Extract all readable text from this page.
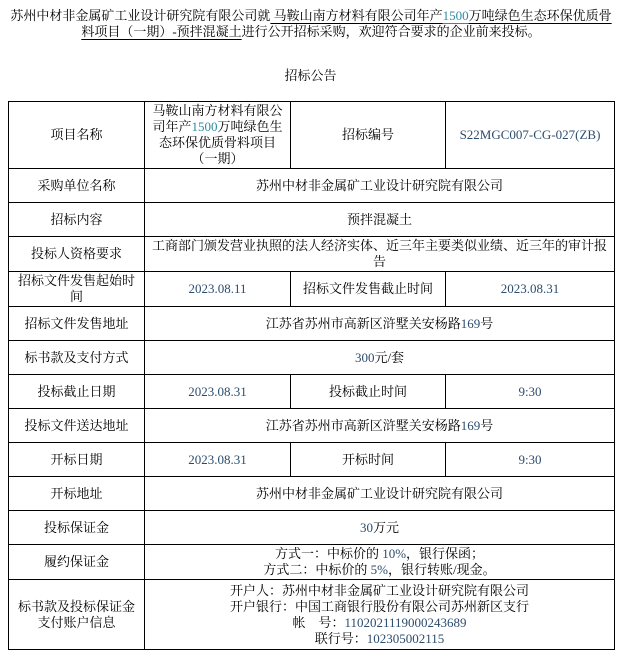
苏州中材非金属矿工业设计研究院有限公司就 马鞍山南方材料有限公司年产1500万吨绿色生态环保优质骨料项目（一期）-预拌混凝土进行公开招标采购，欢迎符合要求的企业前来投标。

招标公告
项目名称	马鞍山南方材料有限公司年产1500万吨绿色生态环保优质骨料项目（一期）	招标编号	S22MGC007-CG-027(ZB)

采购单位名称	苏州中材非金属矿工业设计研究院有限公司		

招标内容	预拌混凝土		

投标人资格要求	工商部门颁发营业执照的法人经济实体、近三年主要类似业绩、近三年的审计报告		

招标文件发售起始时间	2023.08.11	招标文件发售截止时间	2023.08.31

招标文件发售地址	江苏省苏州市高新区浒墅关安杨路169号		

标书款及支付方式	300元/套		

投标截止日期	2023.08.31	投标截止时间	9:30

投标文件送达地址	江苏省苏州市高新区浒墅关安杨路169号		

开标日期	2023.08.31	开标时间	9:30

开标地址	苏州中材非金属矿工业设计研究院有限公司		

投标保证金	30万元		

履约保证金	方式一：中标价的 10%，银行保函；
方式二：中标价的 5%，银行转账/现金。		

标书款及投标保证金支付账户信息	开户人：苏州中材非金属矿工业设计研究院有限公司
开户银行：中国工商银行股份有限公司苏州新区支行
帐　号：1102021119000243689
联行号：102305002115		
